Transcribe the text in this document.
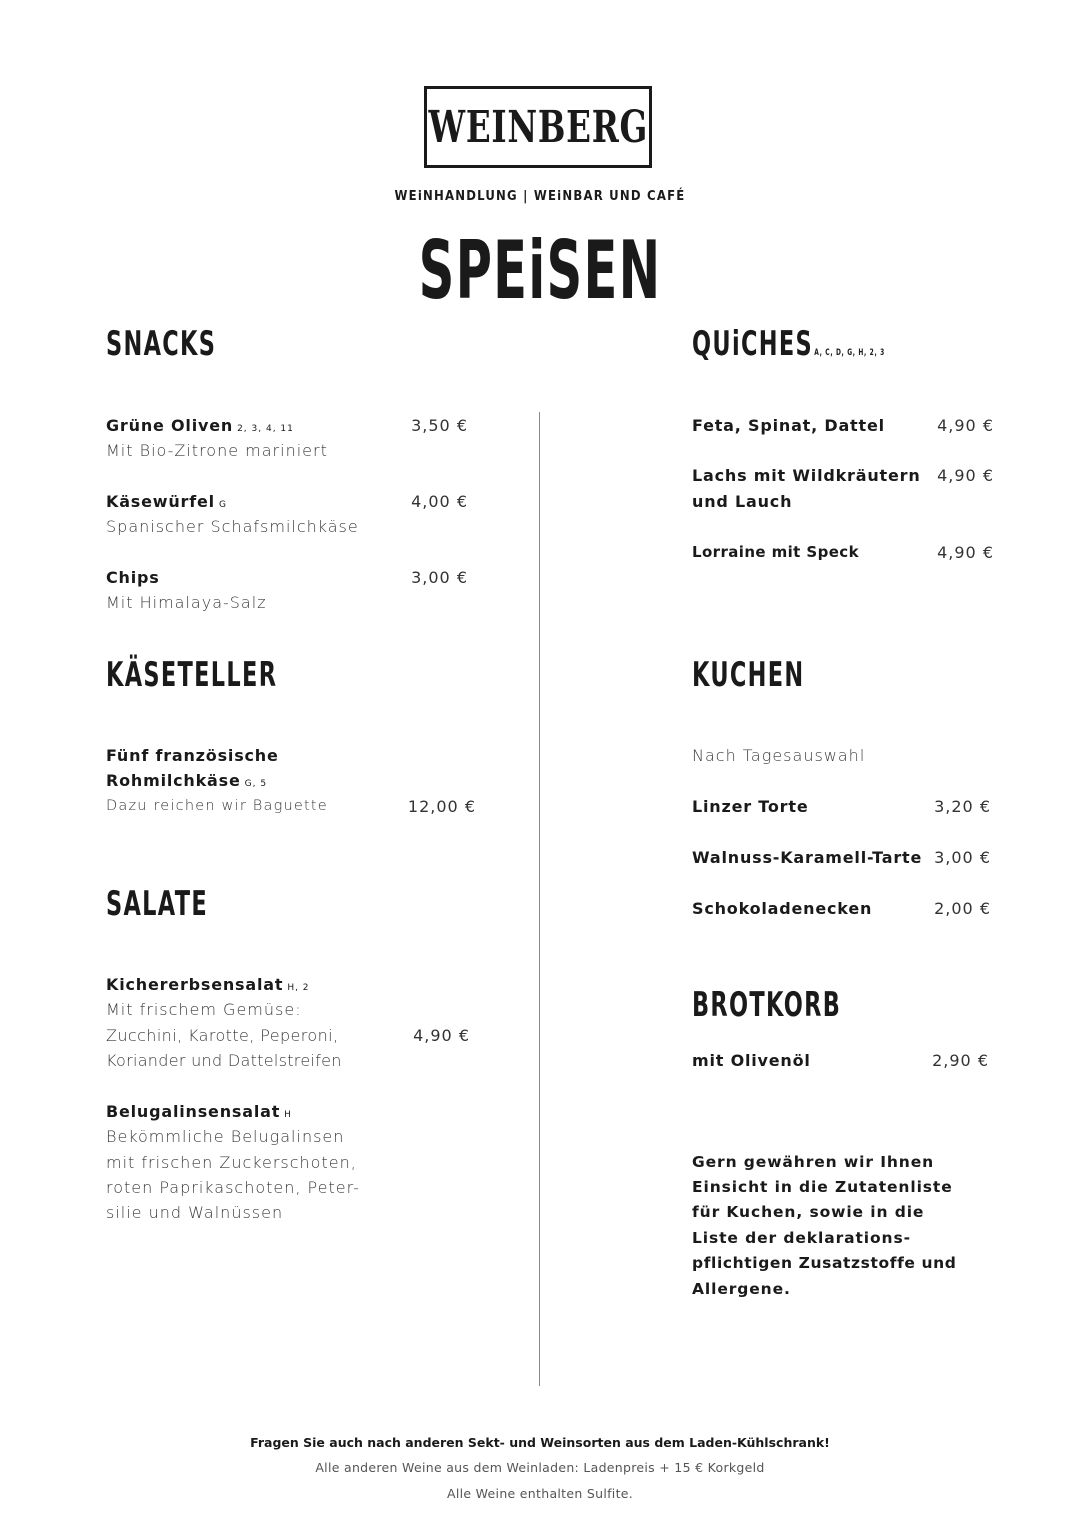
WEINBERG
WEiNHANDLUNG | WEiNBAR UND CAFÉ
SPEiSEN
SNACKS
Grüne Oliven 2, 3, 4, 11
Mit Bio-Zitrone mariniert
3,50 €
Käsewürfel G
Spanischer Schafsmilchkäse
4,00 €
Chips
Mit Himalaya-Salz
3,00 €
KÄSETELLER
Fünf französische
Rohmilchkäse G, 5
Dazu reichen wir Baguette	12,00 €
SALATE
Kichererbsensalat H, 2
Mit frischem Gemüse:
Zucchini, Karotte, Peperoni,
Koriander und Dattelstreifen
4,90 €
Belugalinsensalat H
Bekömmliche Belugalinsen
mit frischen Zuckerschoten,
roten Paprikaschoten, Peter-
silie und Walnüssen
QUiCHESA, C, D, G, H, 2, 3
Feta, Spinat, Dattel	4,90 €
Lachs mit Wildkräutern
und Lauch
4,90 €
Lorraine mit Speck	4,90 €
KUCHEN
Nach Tagesauswahl
Linzer Torte	3,20 €
Walnuss-Karamell-Tarte 3,00 €
Schokoladenecken	2,00 €
BROTKORB
mit Olivenöl	2,90 €
Gern gewähren wir Ihnen
Einsicht in die Zutatenliste
für Kuchen, sowie in die
Liste der deklarations-
pflichtigen Zusatzstoffe und
Allergene.
Fragen Sie auch nach anderen Sekt- und Weinsorten aus dem Laden-Kühlschrank!
Alle anderen Weine aus dem Weinladen: Ladenpreis + 15 € Korkgeld
Alle Weine enthalten Sulfite.
